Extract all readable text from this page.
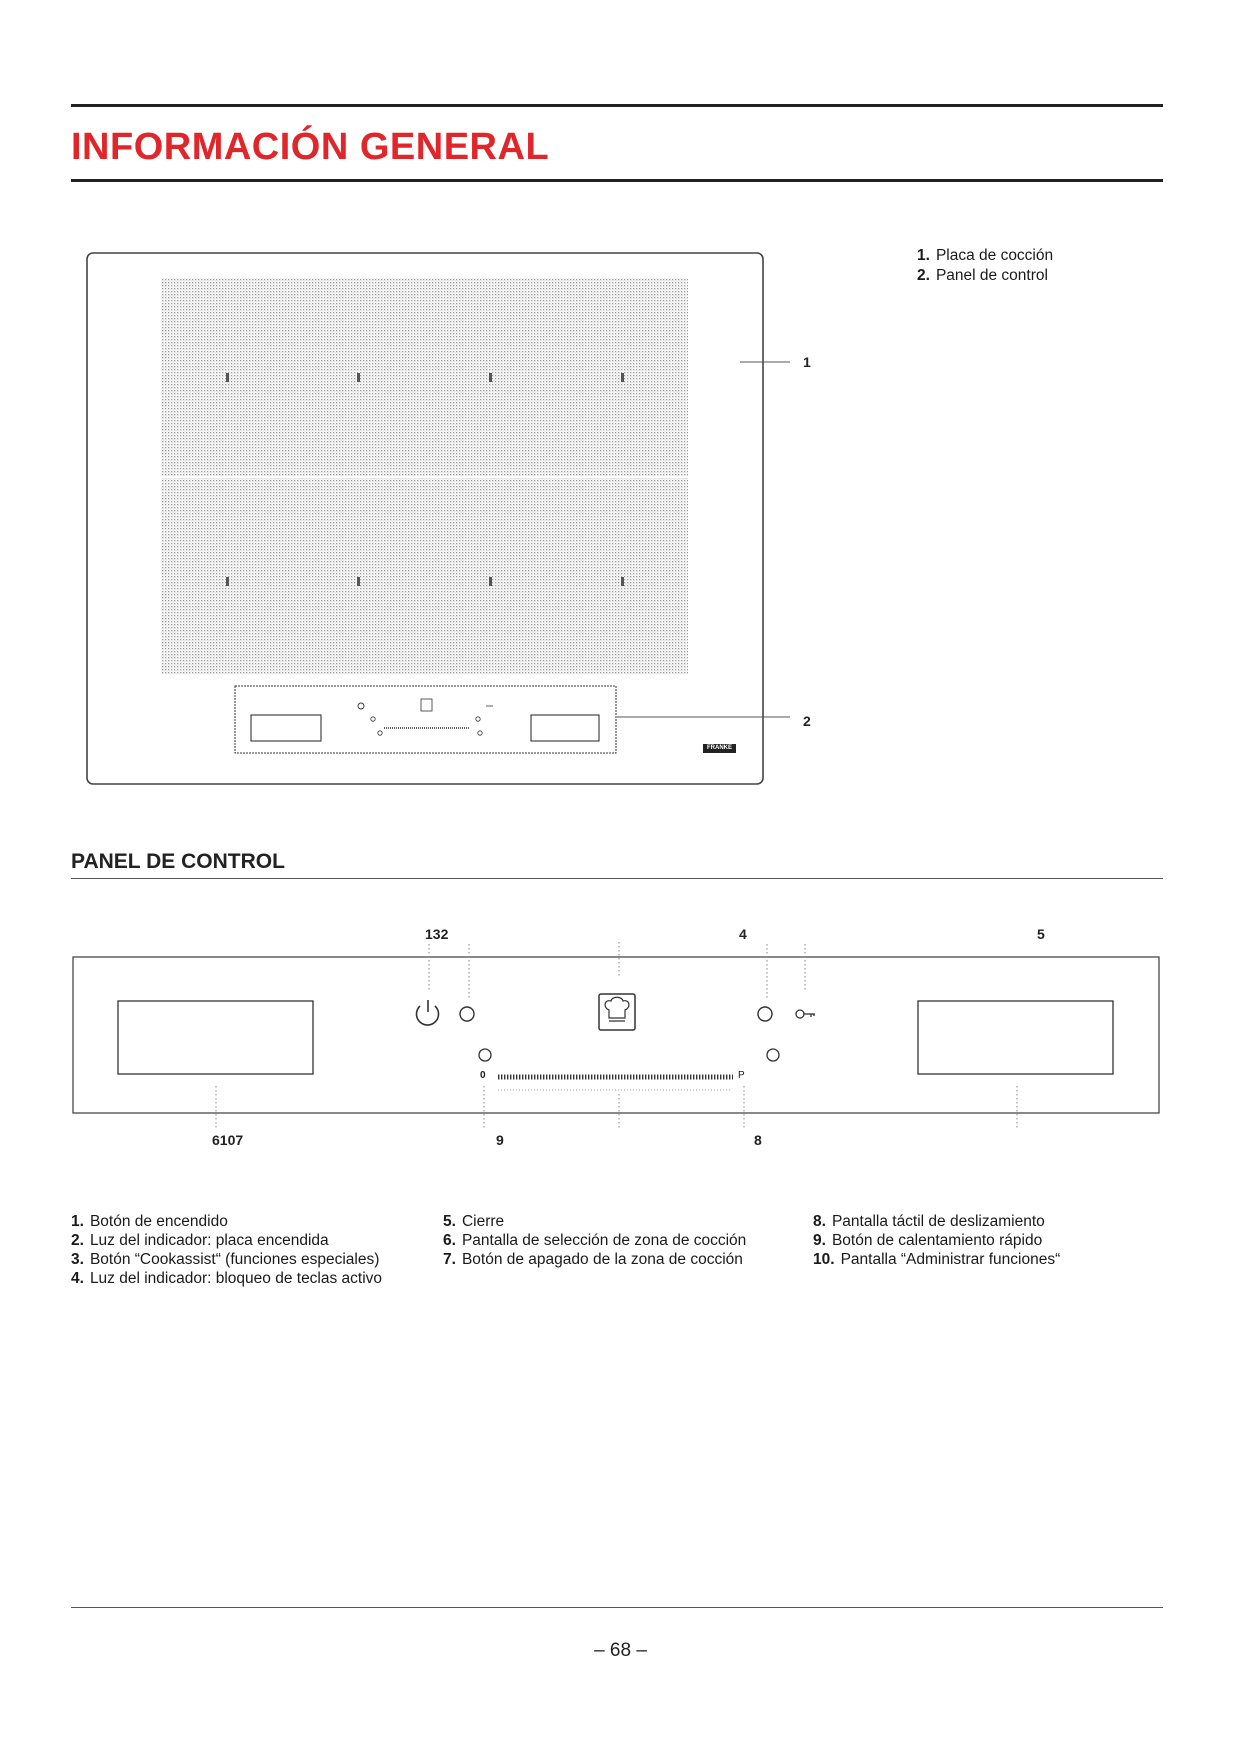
INFORMACIÓN GENERAL
1
2
1. Placa de cocción
2. Panel de control
FRANKE
PANEL DE CONTROL
132	4	5
6107	9	8
0	P
1. Botón de encendido
2. Luz del indicador: placa encendida
3. Botón “Cookassist“ (funciones especiales)
4. Luz del indicador: bloqueo de teclas activo
5. Cierre
6. Pantalla de selección de zona de cocción
7. Botón de apagado de la zona de cocción
8. Pantalla táctil de deslizamiento
9. Botón de calentamiento rápido
10. Pantalla “Administrar funciones“
– 68 –
